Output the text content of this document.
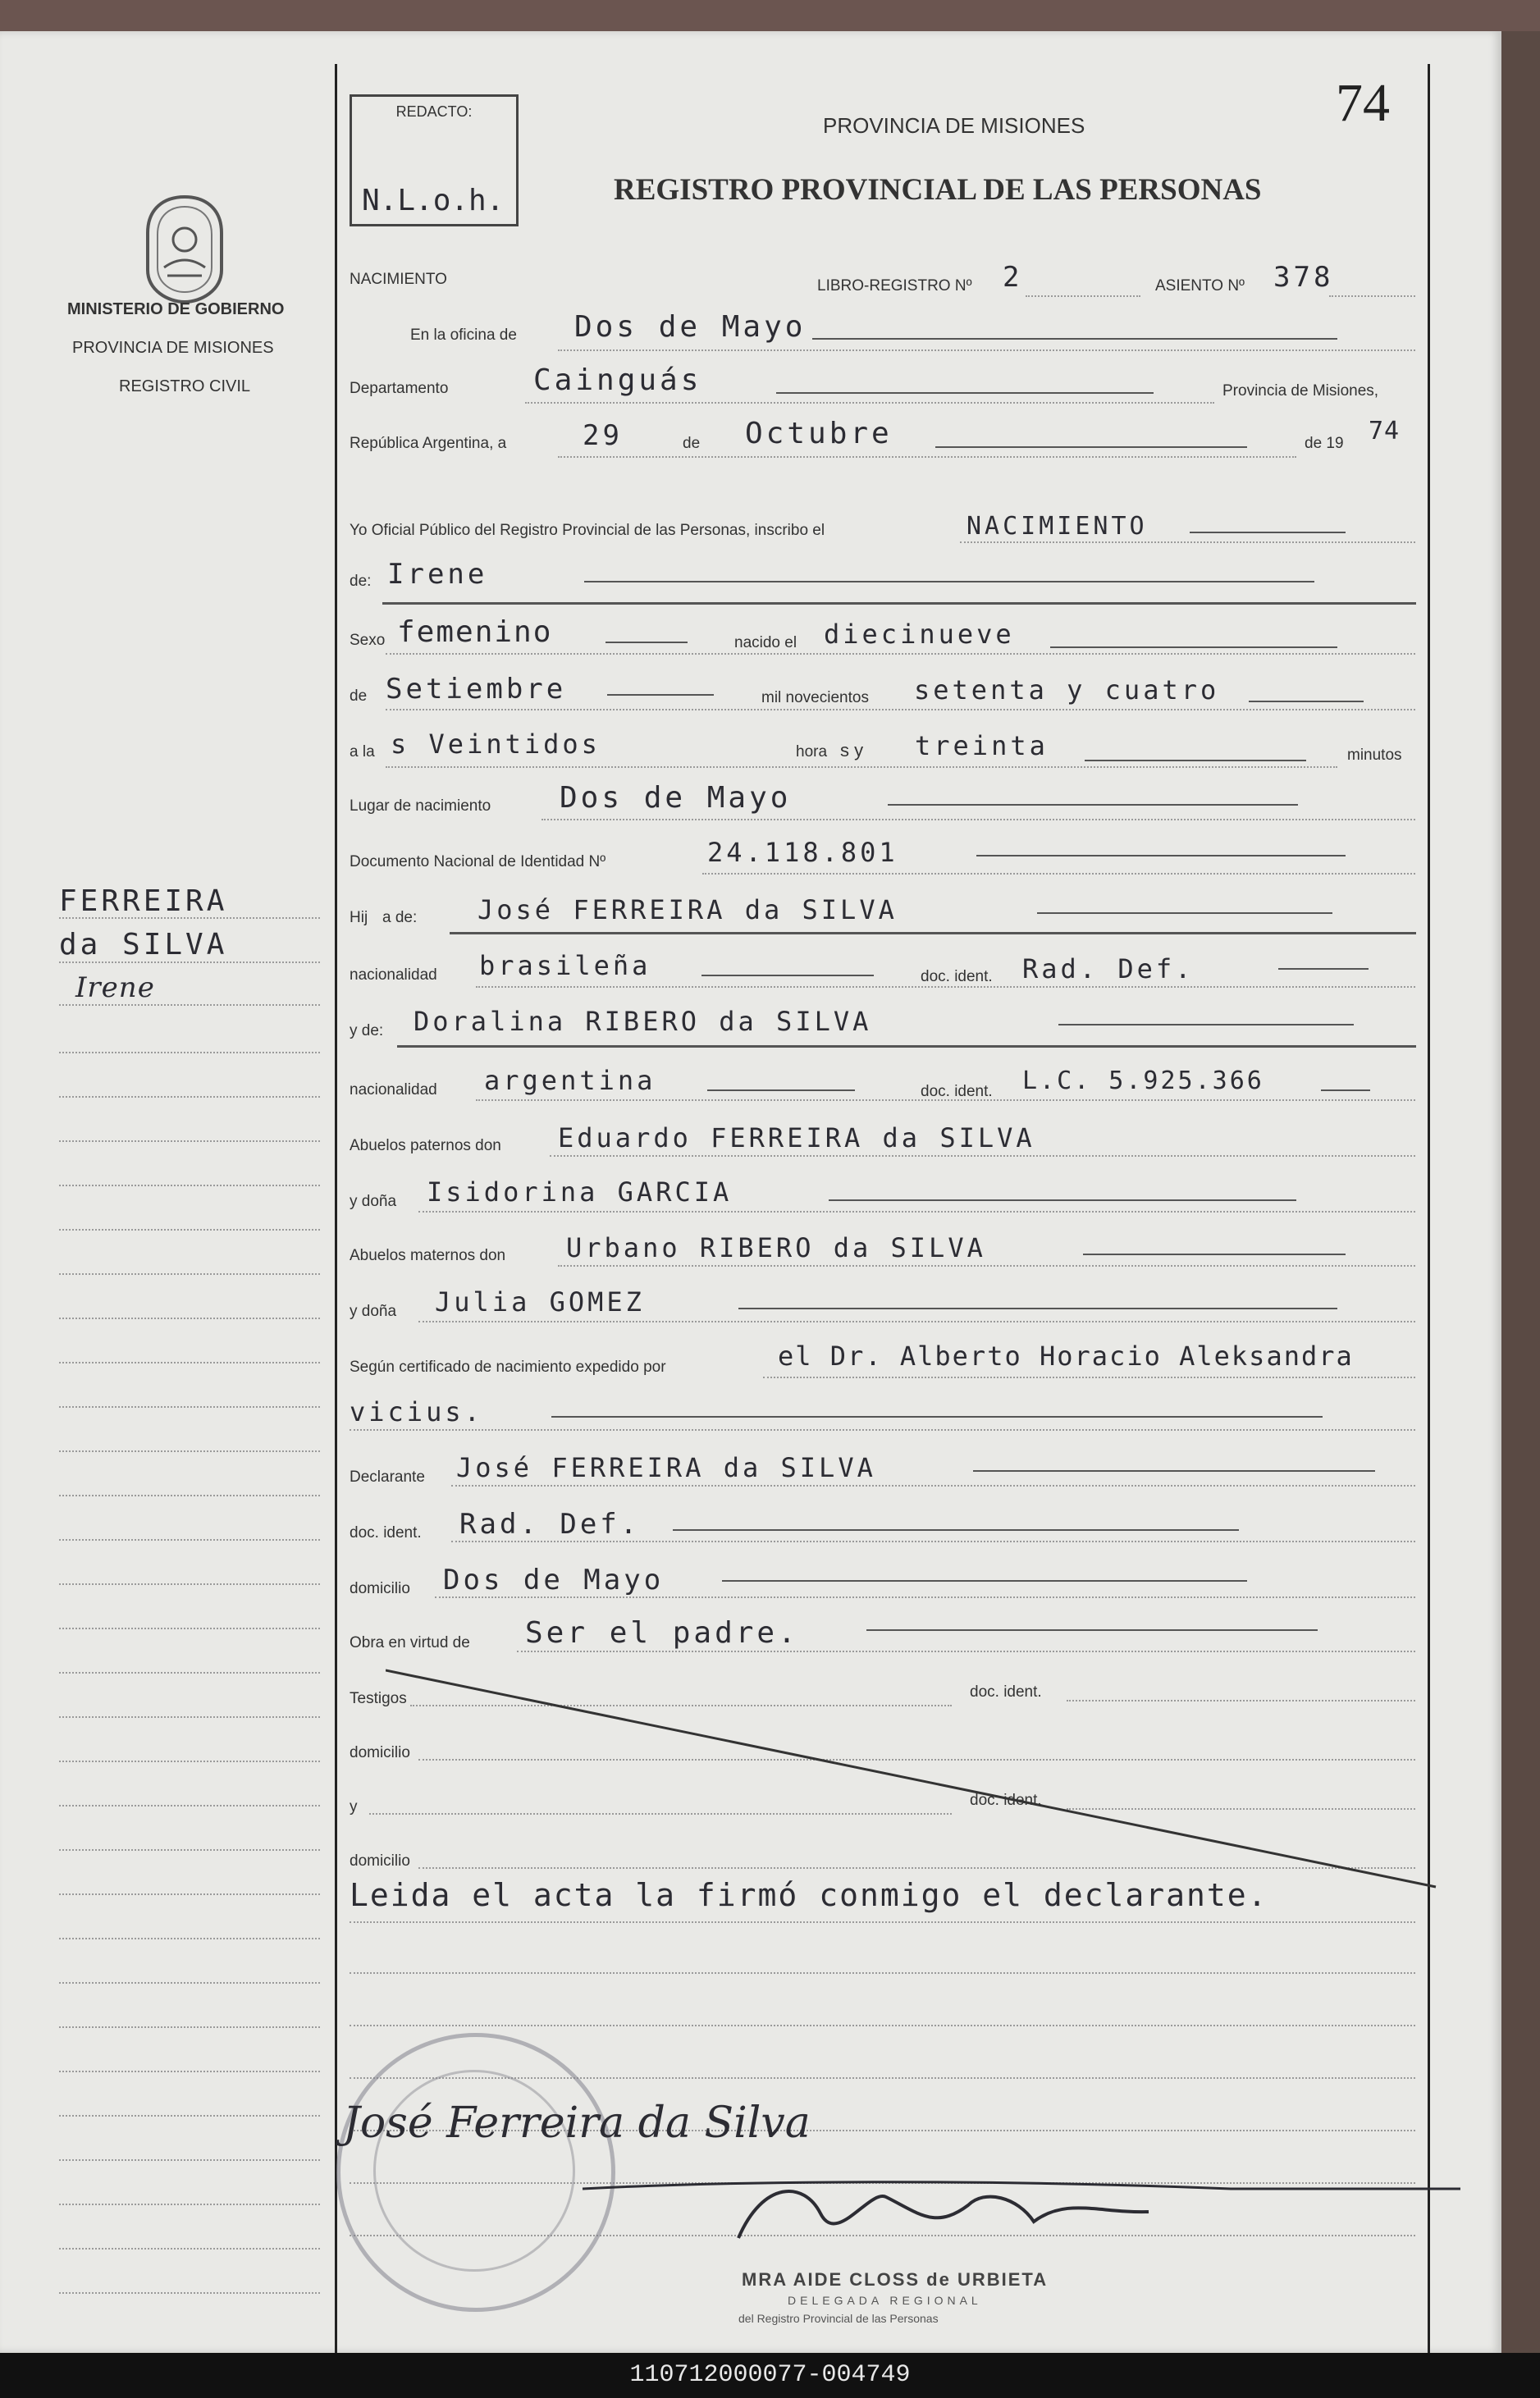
74
REDACTO:
N.L.o.h.
PROVINCIA DE MISIONES
REGISTRO PROVINCIAL DE LAS PERSONAS
MINISTERIO DE GOBIERNO
PROVINCIA DE MISIONES
REGISTRO CIVIL
FERREIRA
da SILVA
Irene
NACIMIENTO	LIBRO-REGISTRO Nº 2	ASIENTO Nº 378
En la oficina de Dos de Mayo
Departamento	Cainguás	Provincia de Misiones,
República Argentina, a	29	de Octubre	de 19 74
Yo Oficial Público del Registro Provincial de las Personas, inscribo el	NACIMIENTO
de: Irene
Sexo femenino	nacido el diecinueve
de Setiembre	mil novecientos setenta y cuatro
a la s Veintidos	hora s y treinta	minutos
Lugar de nacimiento Dos de Mayo
Documento Nacional de Identidad Nº	24.118.801
Hij a de: José FERREIRA da SILVA
nacionalidad brasileña	doc. ident. Rad. Def.
y de: Doralina RIBERO da SILVA
nacionalidad argentina	doc. ident. L.C. 5.925.366
Abuelos paternos don Eduardo FERREIRA da SILVA
y doña Isidorina GARCIA
Abuelos maternos don Urbano RIBERO da SILVA
y doña Julia GOMEZ
Según certificado de nacimiento expedido por	el Dr. Alberto Horacio Aleksandra
vicius.
Declarante José FERREIRA da SILVA
doc. ident. Rad. Def.
domicilio Dos de Mayo
Obra en virtud de Ser el padre.
Testigos	doc. ident.
domicilio
y	doc. ident.
domicilio
Leida el acta la firmó conmigo el declarante.
José Ferreira da Silva
MRA AIDE CLOSS de URBIETA
DELEGADA REGIONAL
del Registro Provincial de las Personas
110712000077-004749
